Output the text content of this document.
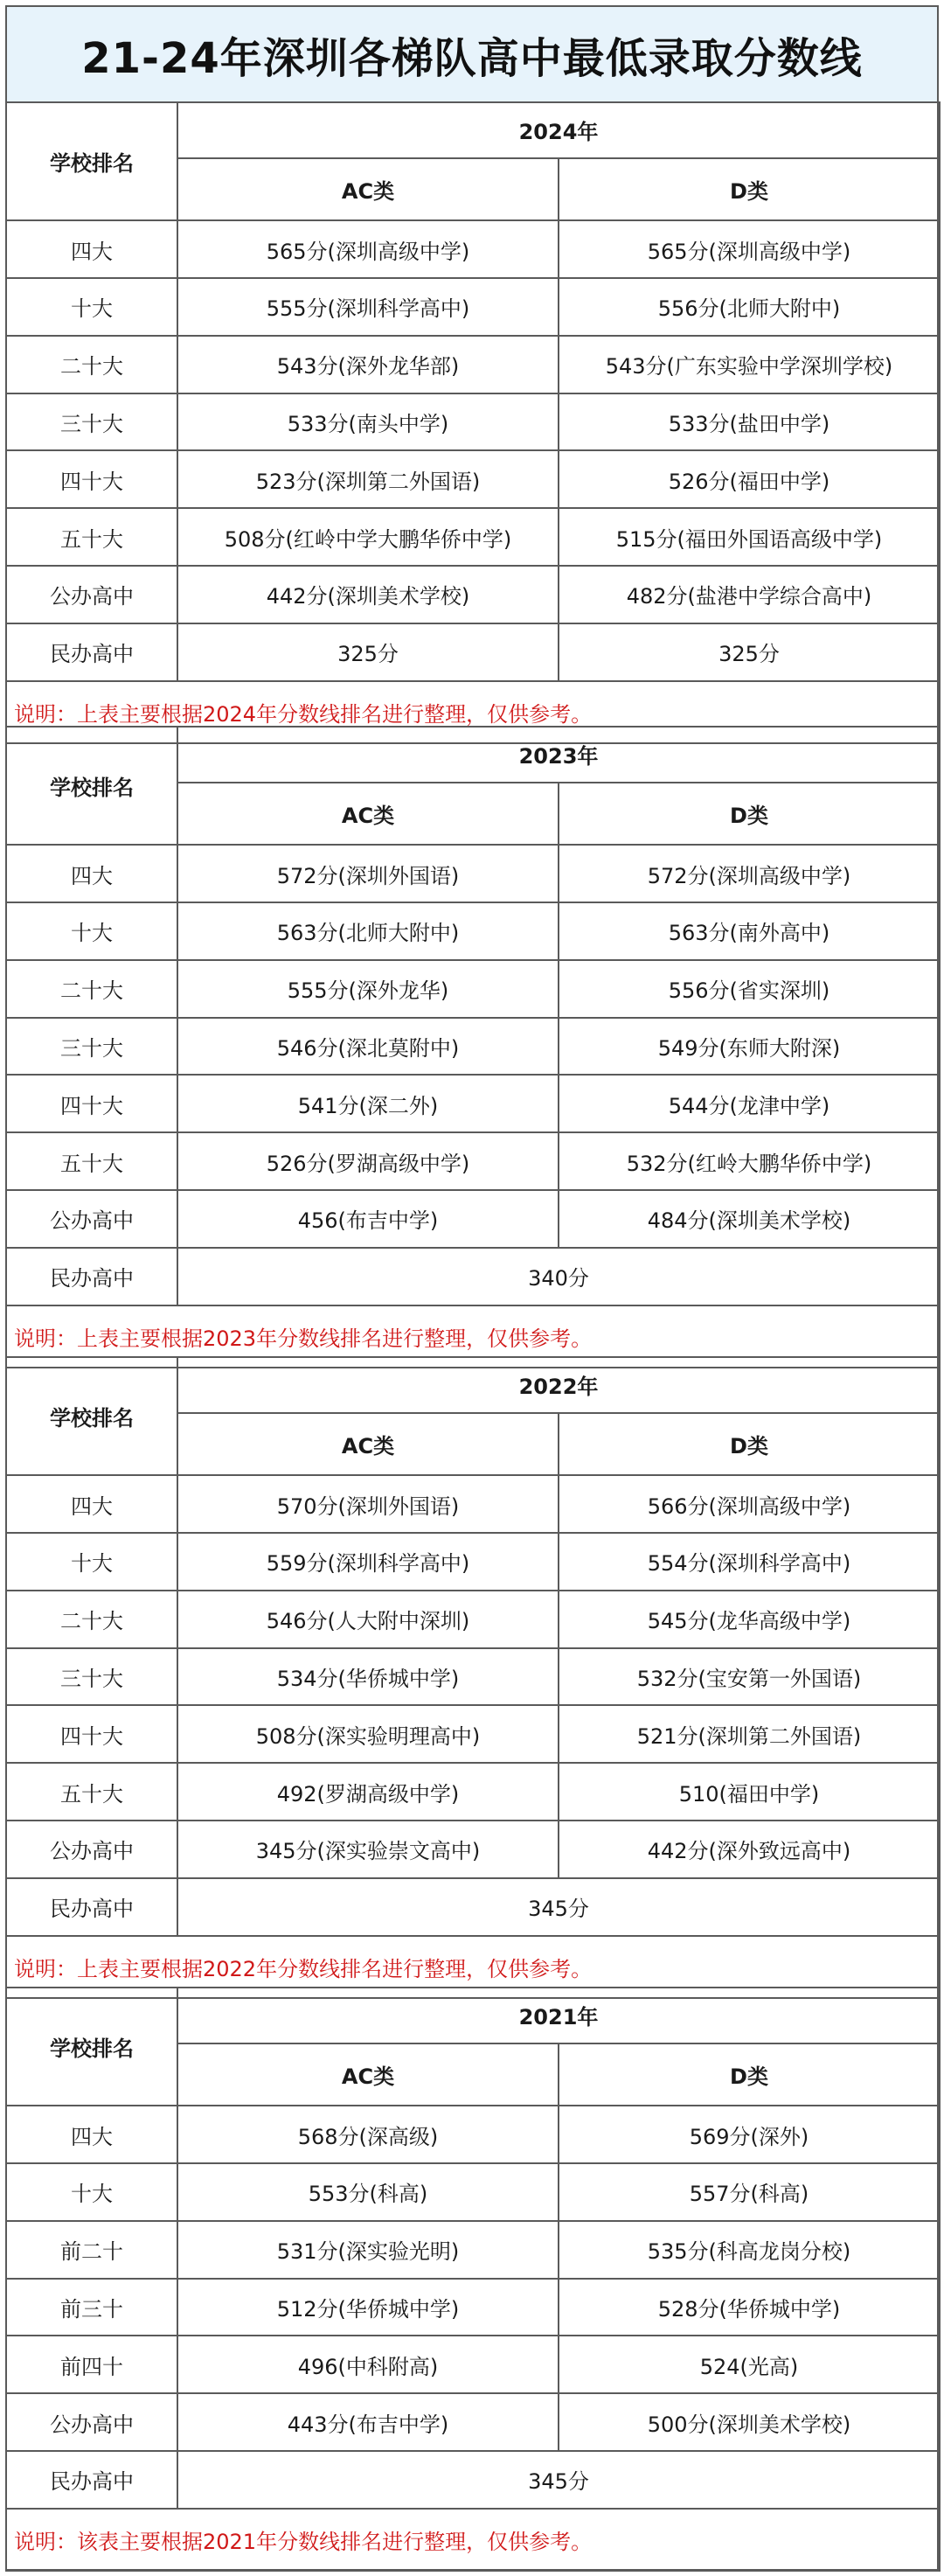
21-24年深圳各梯队高中最低录取分数线
学校排名	2024年	
	AC类	D类
四大	565分(深圳高级中学)	565分(深圳高级中学)
十大	555分(深圳科学高中)	556分(北师大附中)
二十大	543分(深外龙华部)	543分(广东实验中学深圳学校)
三十大	533分(南头中学)	533分(盐田中学)
四十大	523分(深圳第二外国语)	526分(福田中学)
五十大	508分(红岭中学大鹏华侨中学)	515分(福田外国语高级中学)
公办高中	442分(深圳美术学校)	482分(盐港中学综合高中)
民办高中	325分	325分
说明：上表主要根据2024年分数线排名进行整理，仅供参考。		
学校排名	2023年	
	AC类	D类
四大	572分(深圳外国语)	572分(深圳高级中学)
十大	563分(北师大附中)	563分(南外高中)
二十大	555分(深外龙华)	556分(省实深圳)
三十大	546分(深北莫附中)	549分(东师大附深)
四十大	541分(深二外)	544分(龙津中学)
五十大	526分(罗湖高级中学)	532分(红岭大鹏华侨中学)
公办高中	456(布吉中学)	484分(深圳美术学校)
民办高中	340分	
说明：上表主要根据2023年分数线排名进行整理，仅供参考。		
学校排名	2022年	
	AC类	D类
四大	570分(深圳外国语)	566分(深圳高级中学)
十大	559分(深圳科学高中)	554分(深圳科学高中)
二十大	546分(人大附中深圳)	545分(龙华高级中学)
三十大	534分(华侨城中学)	532分(宝安第一外国语)
四十大	508分(深实验明理高中)	521分(深圳第二外国语)
五十大	492(罗湖高级中学)	510(福田中学)
公办高中	345分(深实验崇文高中)	442分(深外致远高中)
民办高中	345分	
说明：上表主要根据2022年分数线排名进行整理，仅供参考。		
学校排名	2021年	
	AC类	D类
四大	568分(深高级)	569分(深外)
十大	553分(科高)	557分(科高)
前二十	531分(深实验光明)	535分(科高龙岗分校)
前三十	512分(华侨城中学)	528分(华侨城中学)
前四十	496(中科附高)	524(光高)
公办高中	443分(布吉中学)	500分(深圳美术学校)
民办高中	345分	
说明：该表主要根据2021年分数线排名进行整理，仅供参考。		
